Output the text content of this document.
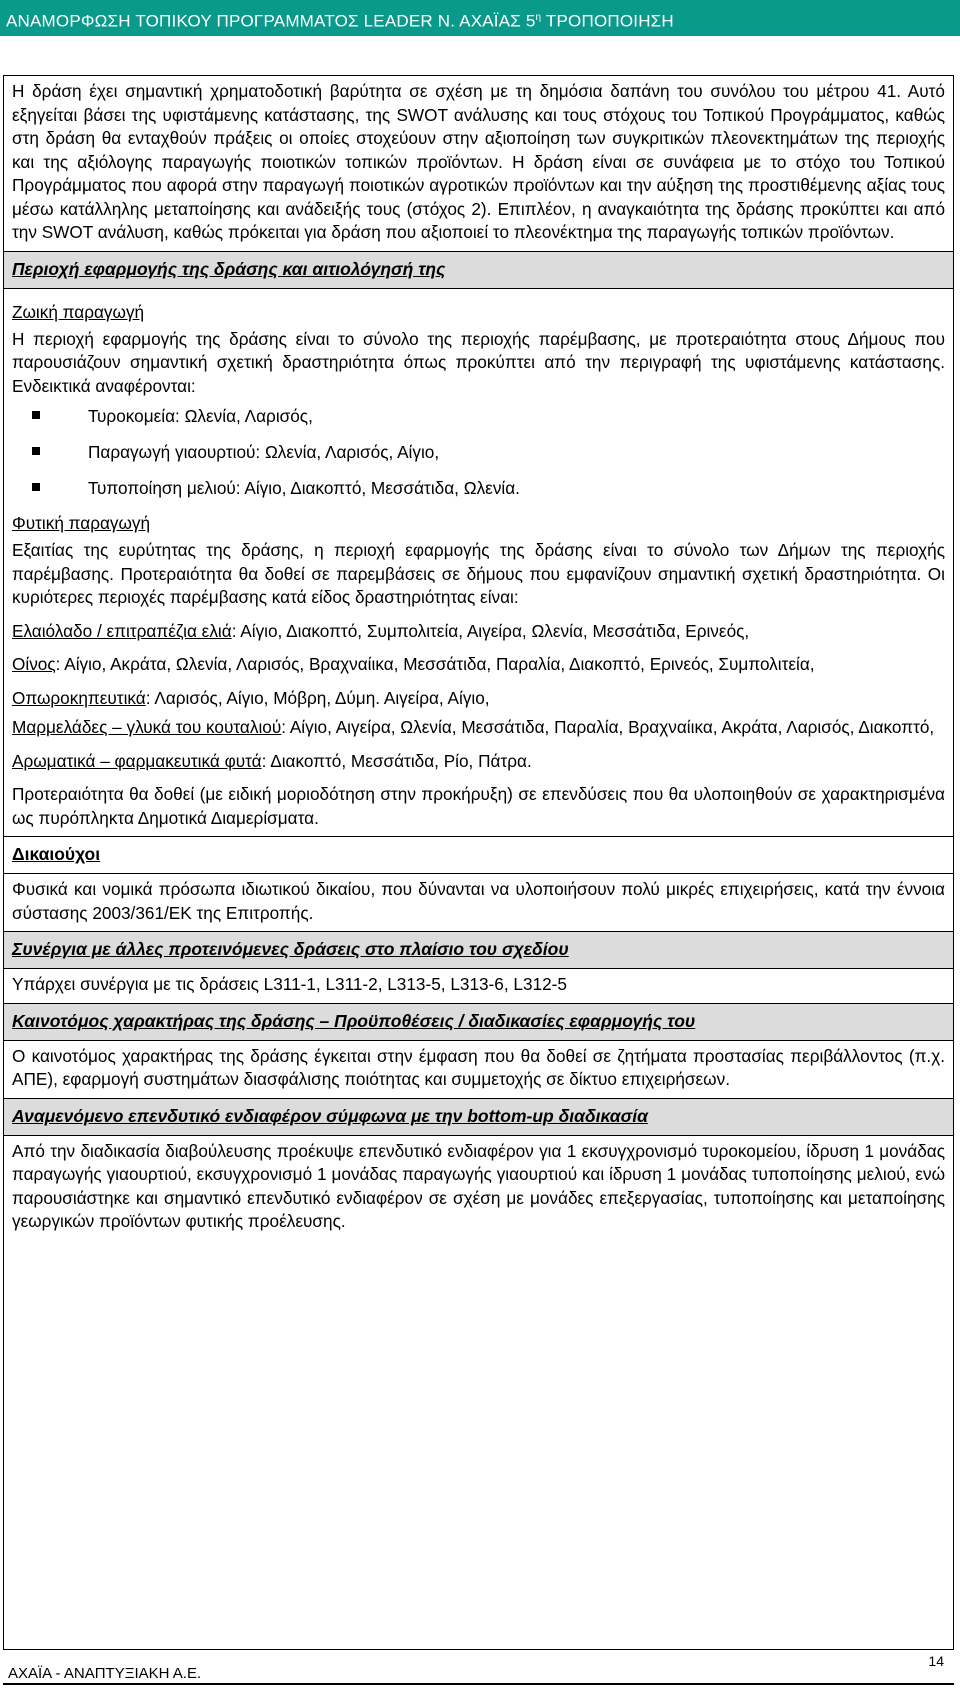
ΑΝΑΜΟΡΦΩΣΗ ΤΟΠΙΚΟΥ ΠΡΟΓΡΑΜΜΑΤΟΣ LEADER Ν. ΑΧΑΪΑΣ $5^\eta$ ΤΡΟΠΟΠΟΙΗΣΗ

Η δράση έχει σημαντική χρηματοδοτική βαρύτητα σε σχέση με τη δημόσια δαπάνη του συνόλου του μέτρου 41. Αυτό εξηγείται βάσει της υφιστάμενης κατάστασης, της SWOT ανάλυσης και τους στόχους του Τοπικού Προγράμματος, καθώς στη δράση θα ενταχθούν πράξεις οι οποίες στοχεύουν στην αξιοποίηση των συγκριτικών πλεονεκτημάτων της περιοχής και της αξιόλογης παραγωγής ποιοτικών τοπικών προϊόντων. Η δράση είναι σε συνάφεια με το στόχο του Τοπικού Προγράμματος που αφορά στην παραγωγή ποιοτικών αγροτικών προϊόντων και την αύξηση της προστιθέμενης αξίας τους μέσω κατάλληλης μεταποίησης και ανάδειξής τους (στόχος 2). Επιπλέον, η αναγκαιότητα της δράσης προκύπτει και από την SWOT ανάλυση, καθώς πρόκειται για δράση που αξιοποιεί το πλεονέκτημα της παραγωγής τοπικών προϊόντων.

Περιοχή εφαρμογής της δράσης και αιτιολόγησή της

Ζωική παραγωγή

Η περιοχή εφαρμογής της δράσης είναι το σύνολο της περιοχής παρέμβασης, με προτεραιότητα στους Δήμους που παρουσιάζουν σημαντική σχετική δραστηριότητα όπως προκύπτει από την περιγραφή της υφιστάμενης κατάστασης. Ενδεικτικά αναφέρονται:

Τυροκομεία: Ωλενία, Λαρισός,
Παραγωγή γιαουρτιού: Ωλενία, Λαρισός, Αίγιο,
Τυποποίηση μελιού: Αίγιο, Διακοπτό, Μεσσάτιδα, Ωλενία.
Φυτική παραγωγή

Εξαιτίας της ευρύτητας της δράσης, η περιοχή εφαρμογής της δράσης είναι το σύνολο των Δήμων της περιοχής παρέμβασης. Προτεραιότητα θα δοθεί σε παρεμβάσεις σε δήμους που εμφανίζουν σημαντική σχετική δραστηριότητα. Οι κυριότερες περιοχές παρέμβασης κατά είδος δραστηριότητας είναι:

Ελαιόλαδο / επιτραπέζια ελιά: Αίγιο, Διακοπτό, Συμπολιτεία, Αιγείρα, Ωλενία, Μεσσάτιδα, Ερινεός,

Οίνος: Αίγιο, Ακράτα, Ωλενία, Λαρισός, Βραχναίικα, Μεσσάτιδα, Παραλία, Διακοπτό, Ερινεός, Συμπολιτεία,

Οπωροκηπευτικά: Λαρισός, Αίγιο, Μόβρη, Δύμη. Αιγείρα, Αίγιο,

Μαρμελάδες – γλυκά του κουταλιού: Αίγιο, Αιγείρα, Ωλενία, Μεσσάτιδα, Παραλία, Βραχναίικα, Ακράτα, Λαρισός, Διακοπτό,

Αρωματικά – φαρμακευτικά φυτά: Διακοπτό, Μεσσάτιδα, Ρίο, Πάτρα.

Προτεραιότητα θα δοθεί (με ειδική μοριοδότηση στην προκήρυξη) σε επενδύσεις που θα υλοποιηθούν σε χαρακτηρισμένα ως πυρόπληκτα Δημοτικά Διαμερίσματα.

Δικαιούχοι

Φυσικά και νομικά πρόσωπα ιδιωτικού δικαίου, που δύνανται να υλοποιήσουν πολύ μικρές επιχειρήσεις, κατά την έννοια σύστασης 2003/361/ΕΚ της Επιτροπής.

Συνέργια με άλλες προτεινόμενες δράσεις στο πλαίσιο του σχεδίου

Υπάρχει συνέργια με τις δράσεις L311-1, L311-2, L313-5, L313-6, L312-5

Καινοτόμος χαρακτήρας της δράσης – Προϋποθέσεις / διαδικασίες εφαρμογής του

Ο καινοτόμος χαρακτήρας της δράσης έγκειται στην έμφαση που θα δοθεί σε ζητήματα προστασίας περιβάλλοντος (π.χ. ΑΠΕ), εφαρμογή συστημάτων διασφάλισης ποιότητας και συμμετοχής σε δίκτυο επιχειρήσεων.

Αναμενόμενο επενδυτικό ενδιαφέρον σύμφωνα με την bottom-up διαδικασία

Από την διαδικασία διαβούλευσης προέκυψε επενδυτικό ενδιαφέρον για 1 εκσυγχρονισμό τυροκομείου, ίδρυση 1 μονάδας παραγωγής γιαουρτιού, εκσυγχρονισμό 1 μονάδας παραγωγής γιαουρτιού και ίδρυση 1 μονάδας τυποποίησης μελιού, ενώ παρουσιάστηκε και σημαντικό επενδυτικό ενδιαφέρον σε σχέση με μονάδες επεξεργασίας, τυποποίησης και μεταποίησης γεωργικών προϊόντων φυτικής προέλευσης.

ΑΧΑΪΑ - ΑΝΑΠΤΥΞΙΑΚΗ Α.Ε.
14
